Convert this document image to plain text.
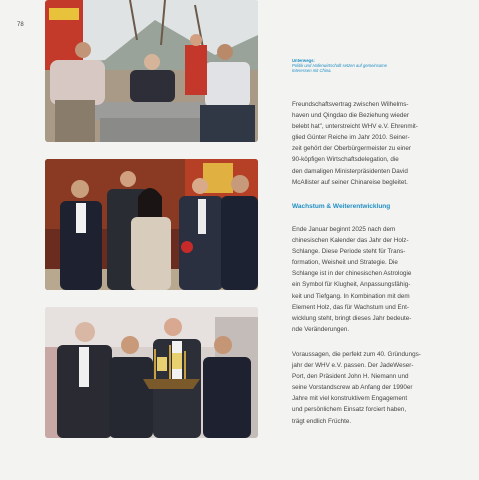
78
Unterwegs:
Politik und Hafenwirtschaft setzen auf gemeinsame Interessen mit China.

Freundschaftsvertrag zwischen Wilhelms-

haven und Qingdao die Beziehung wieder

belebt hat", unterstreicht WHV e.V. Ehrenmit-

glied Günter Reiche im Jahr 2010. Seiner-

zeit gehört der Oberbürgermeister zu einer

90-köpfigen Wirtschaftsdelegation, die

den damaligen Ministerpräsidenten David

McAllister auf seiner Chinareise begleitet.

Wachstum & Weiterentwicklung

Ende Januar beginnt 2025 nach dem

chinesischen Kalender das Jahr der Holz-

Schlange. Diese Periode steht für Trans-

formation, Weisheit und Strategie. Die

Schlange ist in der chinesischen Astrologie

ein Symbol für Klugheit, Anpassungsfähig-

keit und Tiefgang. In Kombination mit dem

Element Holz, das für Wachstum und Ent-

wicklung steht, bringt dieses Jahr bedeute-

nde Veränderungen.

Voraussagen, die perfekt zum 40. Gründungs-

jahr der WHV e.V. passen. Der JadeWeser-

Port, den Präsident John H. Niemann und

seine Vorstandscrew ab Anfang der 1990er

Jahre mit viel konstruktivem Engagement

und persönlichem Einsatz forciert haben,

trägt endlich Früchte.
